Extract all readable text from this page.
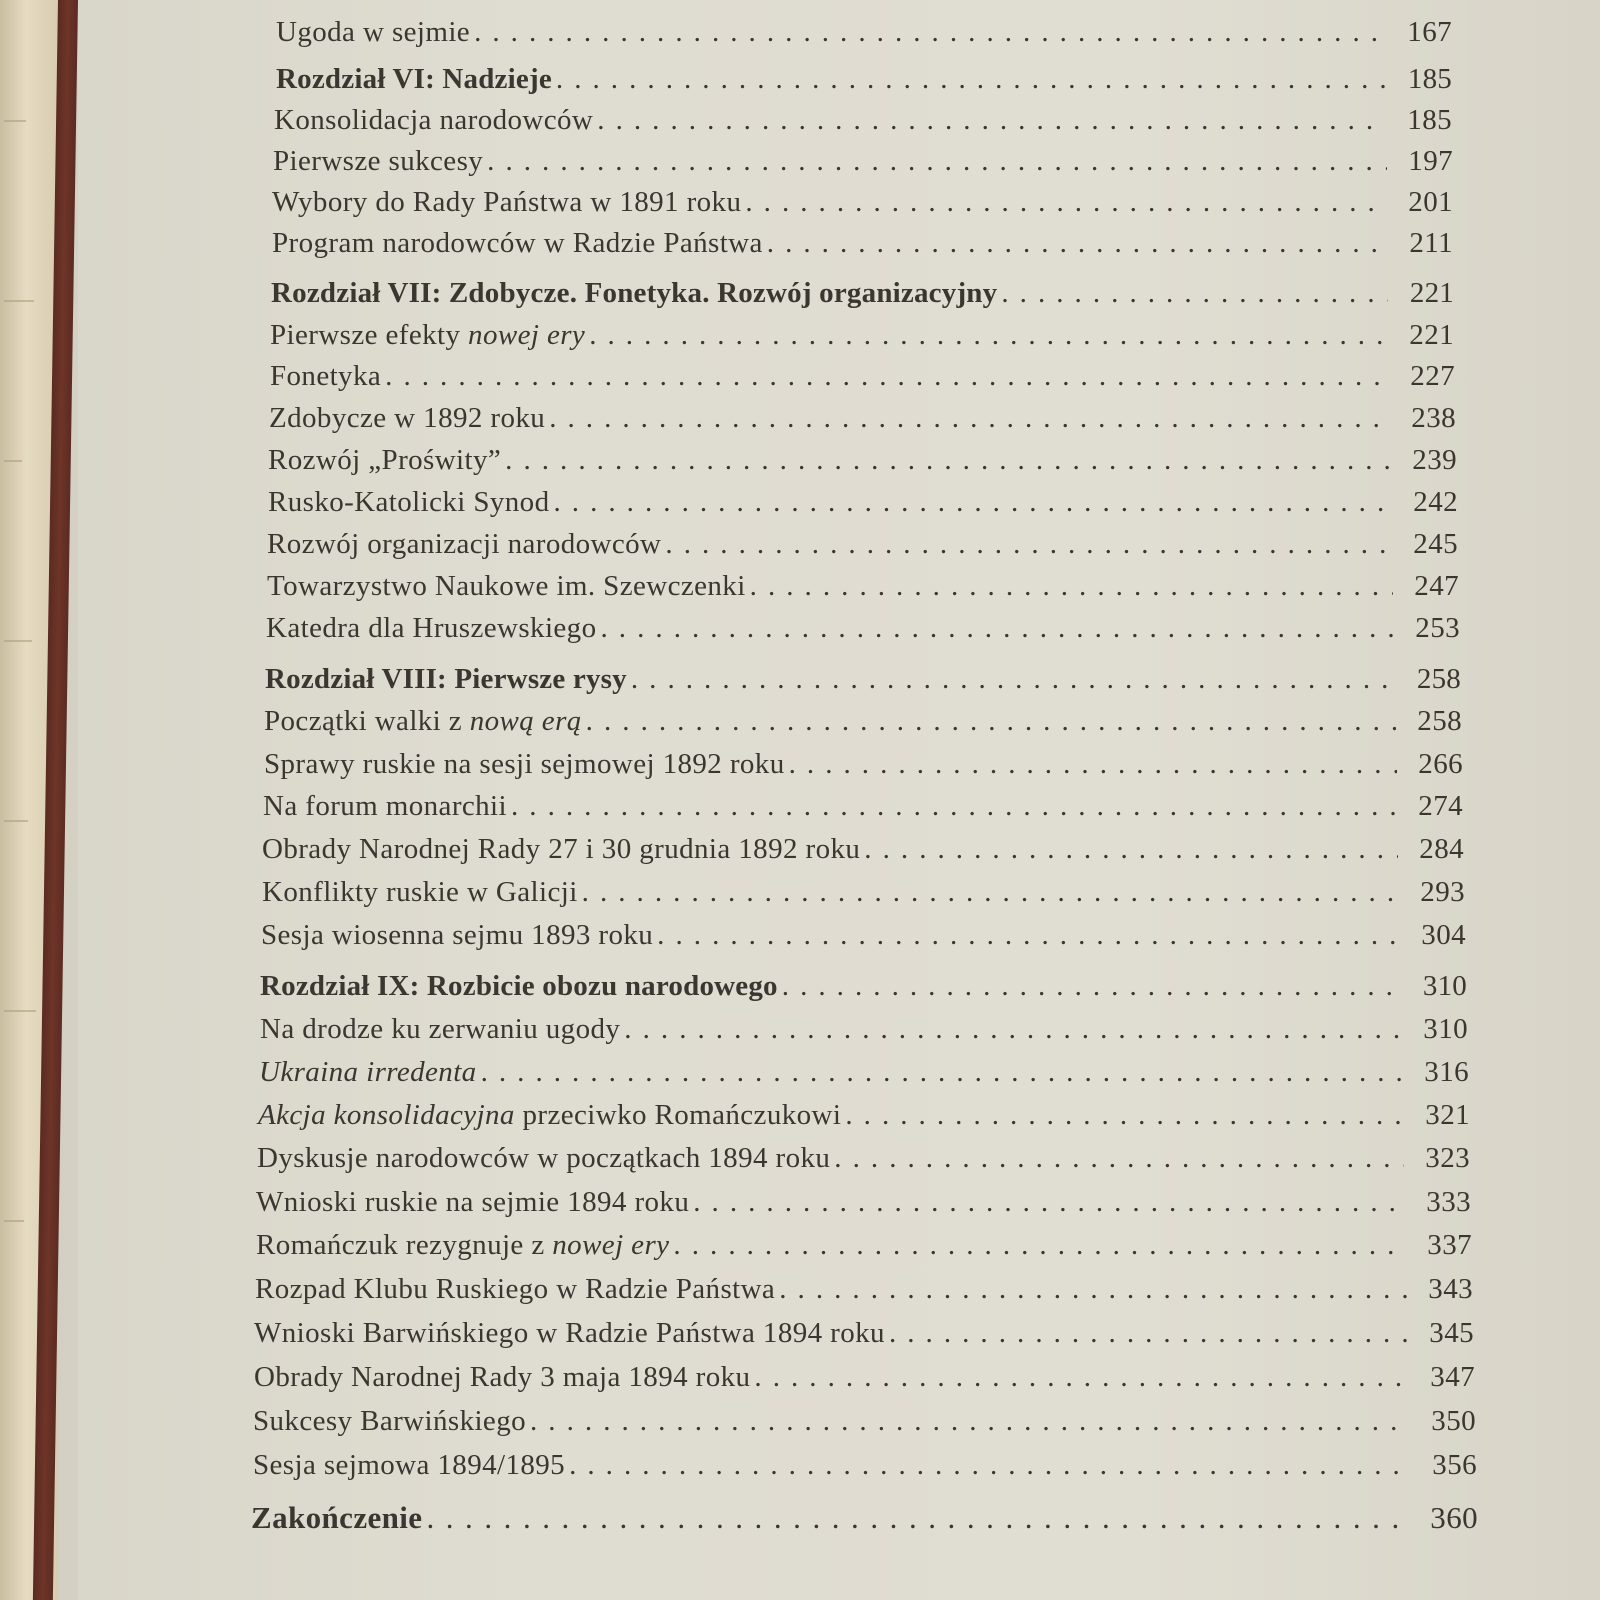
Ugoda w sejmie . . .	167
Rozdział VI: Nadzieje . . .	185
Konsolidacja narodowców . . .	185
Pierwsze sukcesy . . .	197
Wybory do Rady Państwa w 1891 roku . . .	201
Program narodowców w Radzie Państwa . . .	211
Rozdział VII: Zdobycze. Fonetyka. Rozwój organizacyjny . . .	221
Pierwsze efekty nowej ery . . .	221
Fonetyka . . .	227
Zdobycze w 1892 roku . . .	238
Rozwój „Proświty” . . .	239
Rusko-Katolicki Synod . . .	242
Rozwój organizacji narodowców . . .	245
Towarzystwo Naukowe im. Szewczenki . . .	247
Katedra dla Hruszewskiego . . .	253
Rozdział VIII: Pierwsze rysy . . .	258
Początki walki z nową erą . . .	258
Sprawy ruskie na sesji sejmowej 1892 roku . . .	266
Na forum monarchii . . .	274
Obrady Narodnej Rady 27 i 30 grudnia 1892 roku . . .	284
Konflikty ruskie w Galicji . . .	293
Sesja wiosenna sejmu 1893 roku . . .	304
Rozdział IX: Rozbicie obozu narodowego . . .	310
Na drodze ku zerwaniu ugody . . .	310
Ukraina irredenta . . .	316
Akcja konsolidacyjna przeciwko Romańczukowi . . .	321
Dyskusje narodowców w początkach 1894 roku . . .	323
Wnioski ruskie na sejmie 1894 roku . . .	333
Romańczuk rezygnuje z nowej ery . . .	337
Rozpad Klubu Ruskiego w Radzie Państwa . . .	343
Wnioski Barwińskiego w Radzie Państwa 1894 roku . . .	345
Obrady Narodnej Rady 3 maja 1894 roku . . .	347
Sukcesy Barwińskiego . . .	350
Sesja sejmowa 1894/1895 . . .	356
Zakończenie . . .	360
